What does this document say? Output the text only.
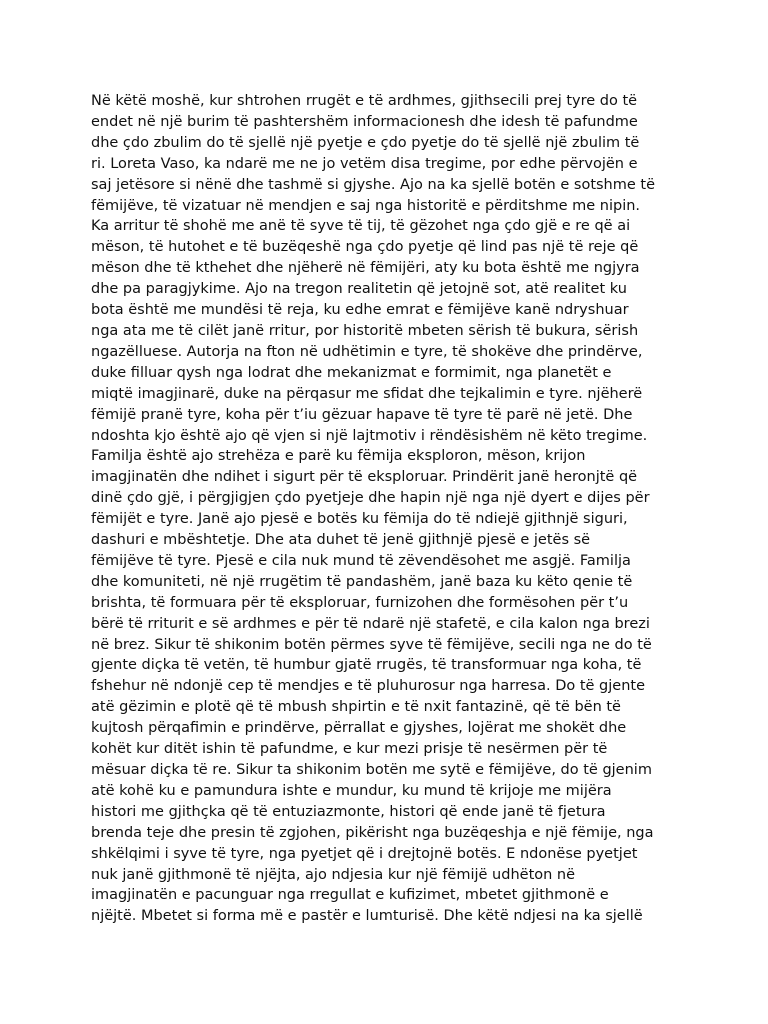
Në këtë moshë, kur shtrohen rrugët e të ardhmes, gjithsecili prej tyre do të
endet në një burim të pashtershëm informacionesh dhe idesh të pafundme
dhe çdo zbulim do të sjellë një pyetje e çdo pyetje do të sjellë një zbulim të
ri. Loreta Vaso, ka ndarë me ne jo vetëm disa tregime, por edhe përvojën e
saj jetësore si nënë dhe tashmë si gjyshe. Ajo na ka sjellë botën e sotshme të
fëmijëve, të vizatuar në mendjen e saj nga historitë e përditshme me nipin.
Ka arritur të shohë me anë të syve të tij, të gëzohet nga çdo gjë e re që ai
mëson, të hutohet e të buzëqeshë nga çdo pyetje që lind pas një të reje që
mëson dhe të kthehet dhe njëherë në fëmijëri, aty ku bota është me ngjyra
dhe pa paragjykime. Ajo na tregon realitetin që jetojnë sot, atë realitet ku
bota është me mundësi të reja, ku edhe emrat e fëmijëve kanë ndryshuar
nga ata me të cilët janë rritur, por historitë mbeten sërish të bukura, sërish
ngazëlluese. Autorja na fton në udhëtimin e tyre, të shokëve dhe prindërve,
duke filluar qysh nga lodrat dhe mekanizmat e formimit, nga planetët e
miqtë imagjinarë, duke na përqasur me sfidat dhe tejkalimin e tyre. njëherë
fëmijë pranë tyre, koha për t’iu gëzuar hapave të tyre të parë në jetë. Dhe
ndoshta kjo është ajo që vjen si një lajtmotiv i rëndësishëm në këto tregime.
Familja është ajo strehëza e parë ku fëmija eksploron, mëson, krijon
imagjinatën dhe ndihet i sigurt për të eksploruar. Prindërit janë heronjtë që
dinë çdo gjë, i përgjigjen çdo pyetjeje dhe hapin një nga një dyert e dijes për
fëmijët e tyre. Janë ajo pjesë e botës ku fëmija do të ndiejë gjithnjë siguri,
dashuri e mbështetje. Dhe ata duhet të jenë gjithnjë pjesë e jetës së
fëmijëve të tyre. Pjesë e cila nuk mund të zëvendësohet me asgjë. Familja
dhe komuniteti, në një rrugëtim të pandashëm, janë baza ku këto qenie të
brishta, të formuara për të eksploruar, furnizohen dhe formësohen për t’u
bërë të rriturit e së ardhmes e për të ndarë një stafetë, e cila kalon nga brezi
në brez. Sikur të shikonim botën përmes syve të fëmijëve, secili nga ne do të
gjente diçka të vetën, të humbur gjatë rrugës, të transformuar nga koha, të
fshehur në ndonjë cep të mendjes e të pluhurosur nga harresa. Do të gjente
atë gëzimin e plotë që të mbush shpirtin e të nxit fantazinë, që të bën të
kujtosh përqafimin e prindërve, përrallat e gjyshes, lojërat me shokët dhe
kohët kur ditët ishin të pafundme, e kur mezi prisje të nesërmen për të
mësuar diçka të re. Sikur ta shikonim botën me sytë e fëmijëve, do të gjenim
atë kohë ku e pamundura ishte e mundur, ku mund të krijoje me mijëra
histori me gjithçka që të entuziazmonte, histori që ende janë të fjetura
brenda teje dhe presin të zgjohen, pikërisht nga buzëqeshja e një fëmije, nga
shkëlqimi i syve të tyre, nga pyetjet që i drejtojnë botës. E ndonëse pyetjet
nuk janë gjithmonë të njëjta, ajo ndjesia kur një fëmijë udhëton në
imagjinatën e pacunguar nga rregullat e kufizimet, mbetet gjithmonë e
njëjtë. Mbetet si forma më e pastër e lumturisë. Dhe këtë ndjesi na ka sjellë
